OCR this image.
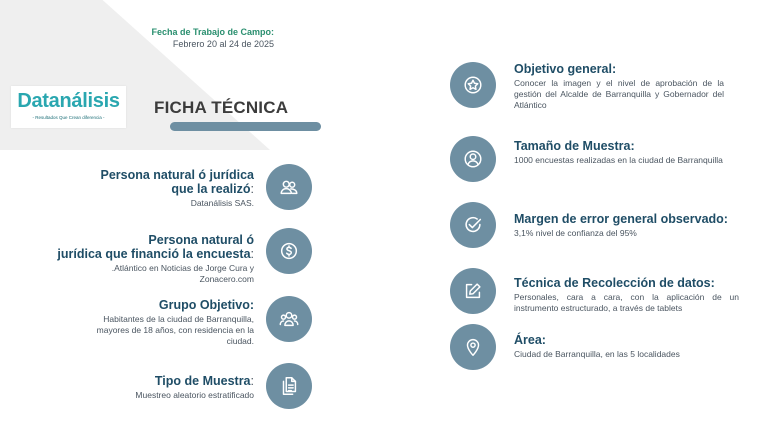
Fecha de Trabajo de Campo:
Febrero 20 al 24 de 2025
Datanálisis
- Resultados Que Crean diferencia -
FICHA TÉCNICA
Persona natural ó jurídica
que la realizó:
Datanálisis SAS.
Persona natural ó
jurídica que financió la encuesta:
.Atlántico en Noticias de Jorge Cura y
Zonacero.com
Grupo Objetivo:
Habitantes de la ciudad de Barranquilla,
mayores de 18 años, con residencia en la
ciudad.
Tipo de Muestra:
Muestreo aleatorio estratificado
Objetivo general:
Conocer la imagen y el nivel de aprobación de la gestión del Alcalde de Barranquilla y Gobernador del Atlántico
Tamaño de Muestra:
1000 encuestas realizadas en la ciudad de Barranquilla
Margen de error general observado:
3,1% nivel de confianza del 95%
Técnica de Recolección de datos:
Personales, cara a cara, con la aplicación de un instrumento estructurado, a través de tablets
Área:
Ciudad de Barranquilla, en las 5 localidades
